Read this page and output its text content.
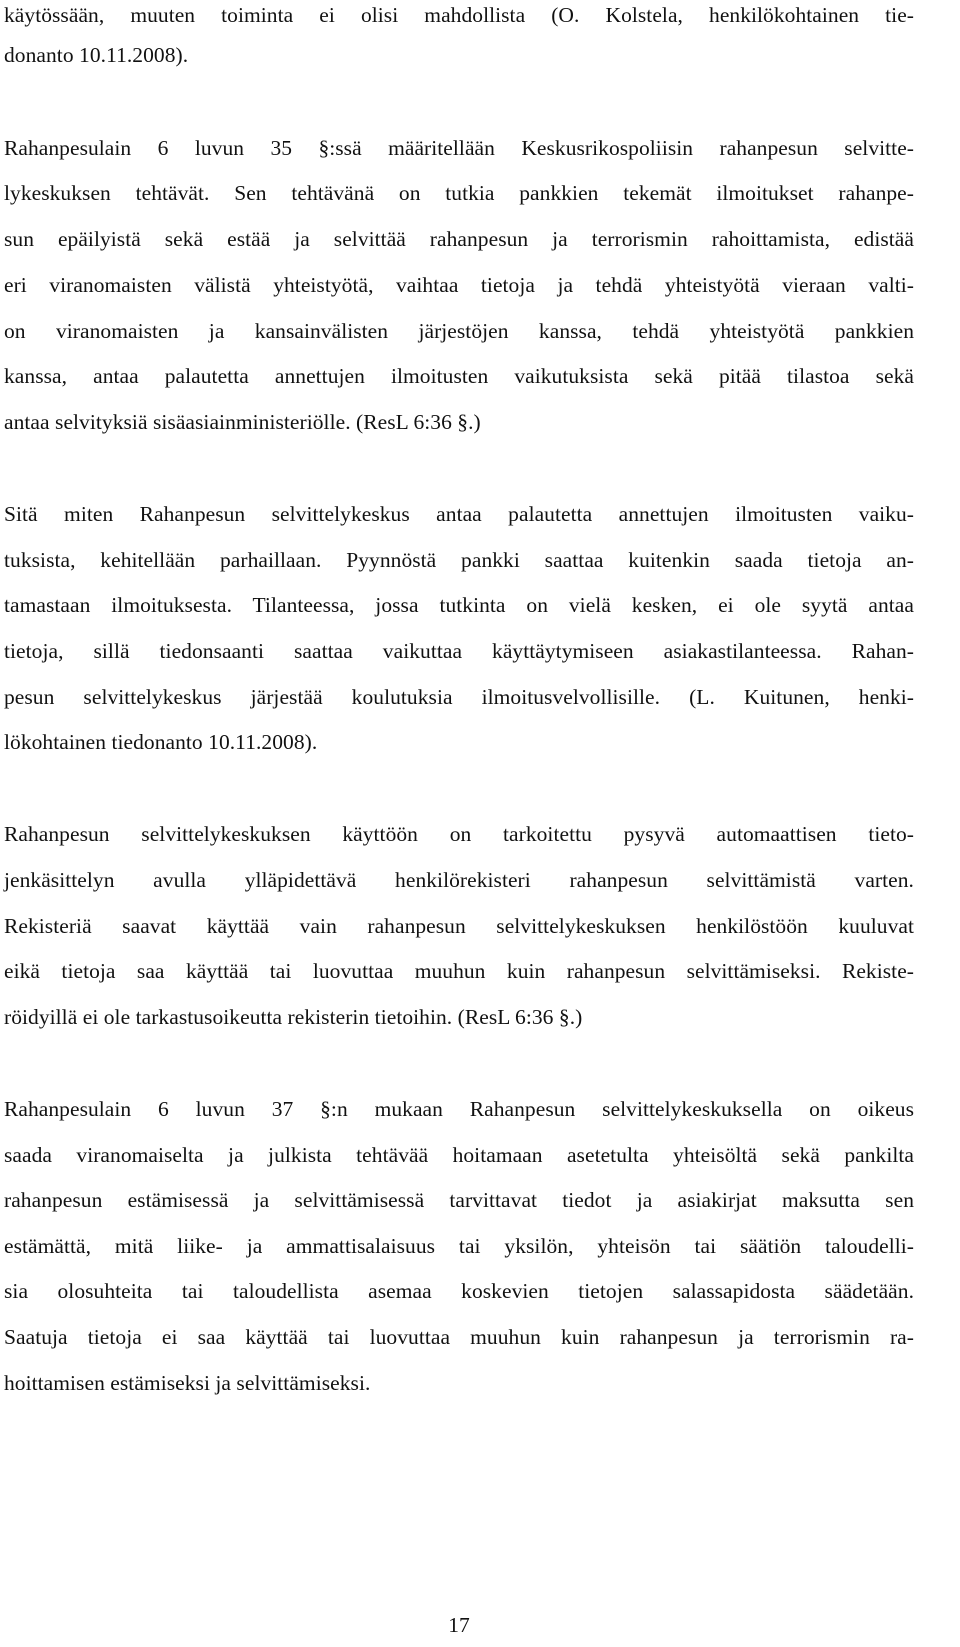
käytössään, muuten toiminta ei olisi mahdollista (O. Kolstela, henkilökohtainen tie-
donanto 10.11.2008).
Rahanpesulain 6 luvun 35 §:ssä määritellään Keskusrikospoliisin rahanpesun selvitte-
lykeskuksen tehtävät. Sen tehtävänä on tutkia pankkien tekemät ilmoitukset rahanpe-
sun epäilyistä sekä estää ja selvittää rahanpesun ja terrorismin rahoittamista, edistää
eri viranomaisten välistä yhteistyötä, vaihtaa tietoja ja tehdä yhteistyötä vieraan valti-
on viranomaisten ja kansainvälisten järjestöjen kanssa, tehdä yhteistyötä pankkien
kanssa, antaa palautetta annettujen ilmoitusten vaikutuksista sekä pitää tilastoa sekä
antaa selvityksiä sisäasiainministeriölle. (ResL 6:36 §.)
Sitä miten Rahanpesun selvittelykeskus antaa palautetta annettujen ilmoitusten vaiku-
tuksista, kehitellään parhaillaan. Pyynnöstä pankki saattaa kuitenkin saada tietoja an-
tamastaan ilmoituksesta. Tilanteessa, jossa tutkinta on vielä kesken, ei ole syytä antaa
tietoja, sillä tiedonsaanti saattaa vaikuttaa käyttäytymiseen asiakastilanteessa. Rahan-
pesun selvittelykeskus järjestää koulutuksia ilmoitusvelvollisille. (L. Kuitunen, henki-
lökohtainen tiedonanto 10.11.2008).
Rahanpesun selvittelykeskuksen käyttöön on tarkoitettu pysyvä automaattisen tieto-
jenkäsittelyn avulla ylläpidettävä henkilörekisteri rahanpesun selvittämistä varten.
Rekisteriä saavat käyttää vain rahanpesun selvittelykeskuksen henkilöstöön kuuluvat
eikä tietoja saa käyttää tai luovuttaa muuhun kuin rahanpesun selvittämiseksi. Rekiste-
röidyillä ei ole tarkastusoikeutta rekisterin tietoihin. (ResL 6:36 §.)
Rahanpesulain 6 luvun 37 §:n mukaan Rahanpesun selvittelykeskuksella on oikeus
saada viranomaiselta ja julkista tehtävää hoitamaan asetetulta yhteisöltä sekä pankilta
rahanpesun estämisessä ja selvittämisessä tarvittavat tiedot ja asiakirjat maksutta sen
estämättä, mitä liike- ja ammattisalaisuus tai yksilön, yhteisön tai säätiön taloudelli-
sia olosuhteita tai taloudellista asemaa koskevien tietojen salassapidosta säädetään.
Saatuja tietoja ei saa käyttää tai luovuttaa muuhun kuin rahanpesun ja terrorismin ra-
hoittamisen estämiseksi ja selvittämiseksi.
17
